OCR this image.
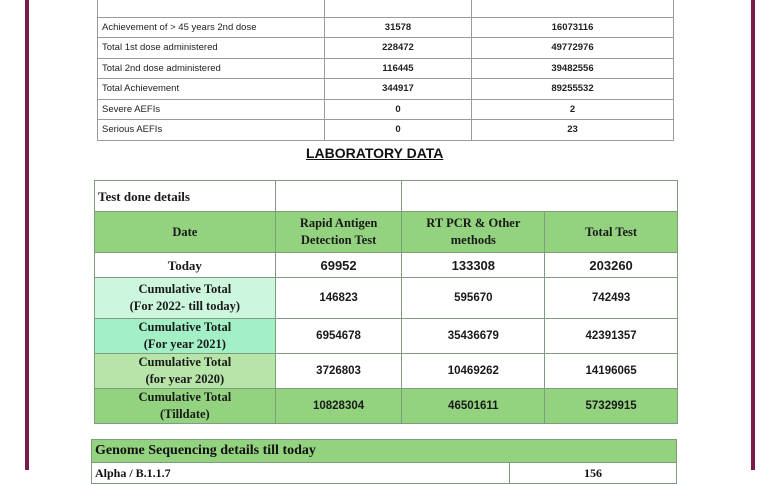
Achievement of > 45 years 2nd dose	31578	16073116
Total 1st dose administered	228472	49772976
Total 2nd dose administered	116445	39482556
Total Achievement	344917	89255532
Severe AEFIs	0	2
Serious AEFIs	0	23
LABORATORY DATA
Test done details			
Date	Rapid Antigen Detection Test	RT PCR & Other methods	Total Test
Today	69952	133308	203260
Cumulative Total
(For 2022- till today)	146823	595670	742493
Cumulative Total
(For year 2021)	6954678	35436679	42391357
Cumulative Total
(for year 2020)	3726803	10469262	14196065
Cumulative Total
(Tilldate)	10828304	46501611	57329915
Genome Sequencing details till today
Alpha / B.1.1.7	156
